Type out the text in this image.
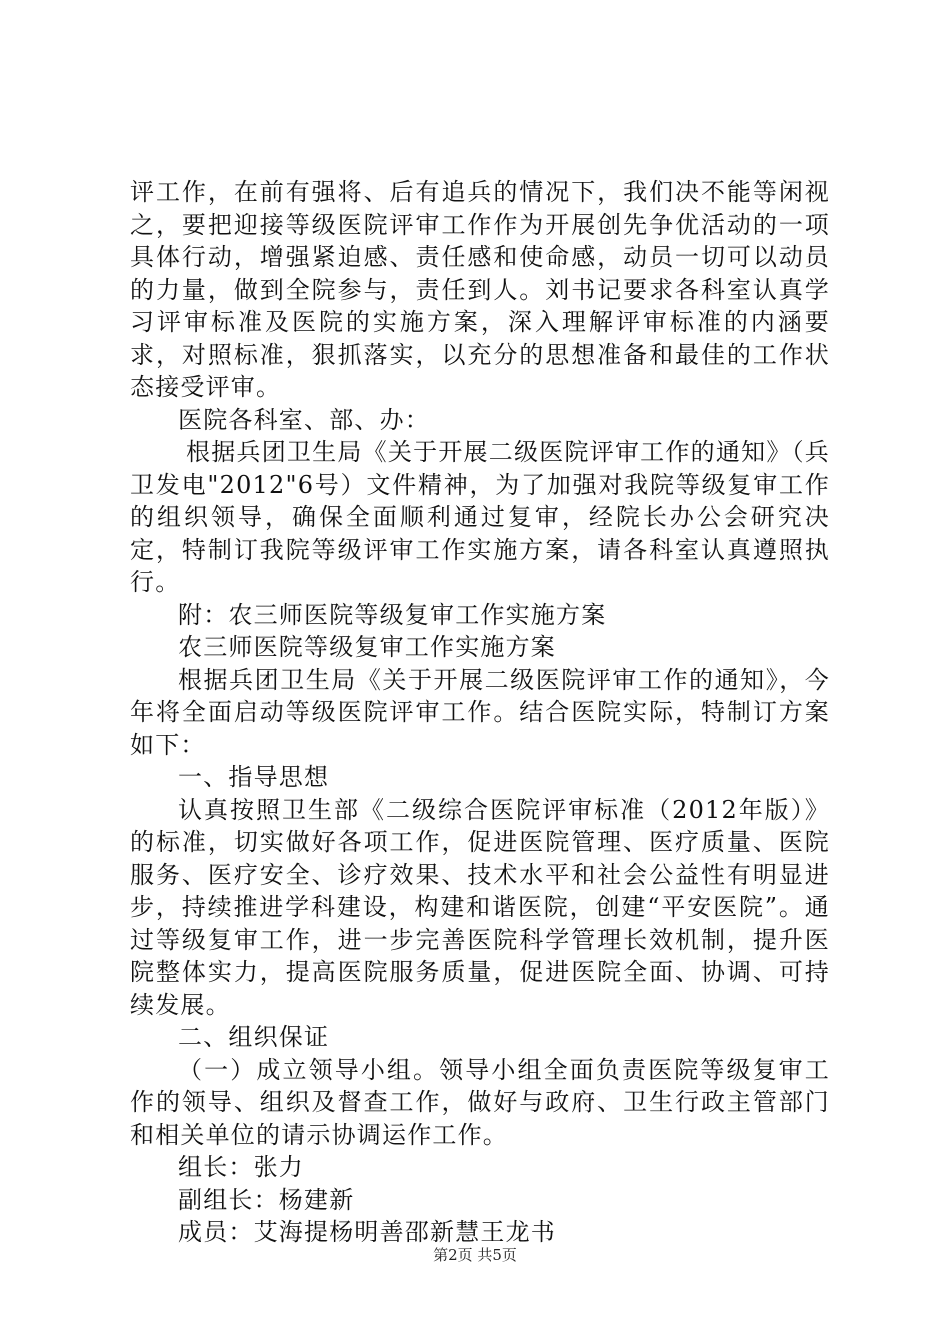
评工作，在前有强将、后有追兵的情况下，我们决不能等闲视之，要把迎接等级医院评审工作作为开展创先争优活动的一项具体行动，增强紧迫感、责任感和使命感，动员一切可以动员的力量，做到全院参与，责任到人。刘书记要求各科室认真学习评审标准及医院的实施方案，深入理解评审标准的内涵要求，对照标准，狠抓落实，以充分的思想准备和最佳的工作状态接受评审。

医院各科室、部、办：

根据兵团卫生局《关于开展二级医院评审工作的通知》（兵卫发电"2012"6号）文件精神，为了加强对我院等级复审工作的组织领导，确保全面顺利通过复审，经院长办公会研究决定，特制订我院等级评审工作实施方案，请各科室认真遵照执行。

附：农三师医院等级复审工作实施方案

农三师医院等级复审工作实施方案

根据兵团卫生局《关于开展二级医院评审工作的通知》，今年将全面启动等级医院评审工作。结合医院实际，特制订方案如下：

一、指导思想

认真按照卫生部《二级综合医院评审标准（2012年版）》的标准，切实做好各项工作，促进医院管理、医疗质量、医院服务、医疗安全、诊疗效果、技术水平和社会公益性有明显进步，持续推进学科建设，构建和谐医院，创建“平安医院”。通过等级复审工作，进一步完善医院科学管理长效机制，提升医院整体实力，提高医院服务质量，促进医院全面、协调、可持续发展。

二、组织保证

（一）成立领导小组。领导小组全面负责医院等级复审工作的领导、组织及督查工作，做好与政府、卫生行政主管部门和相关单位的请示协调运作工作。

组长：张力

副组长：杨建新

成员：艾海提杨明善邵新慧王龙书

第2页 共5页
